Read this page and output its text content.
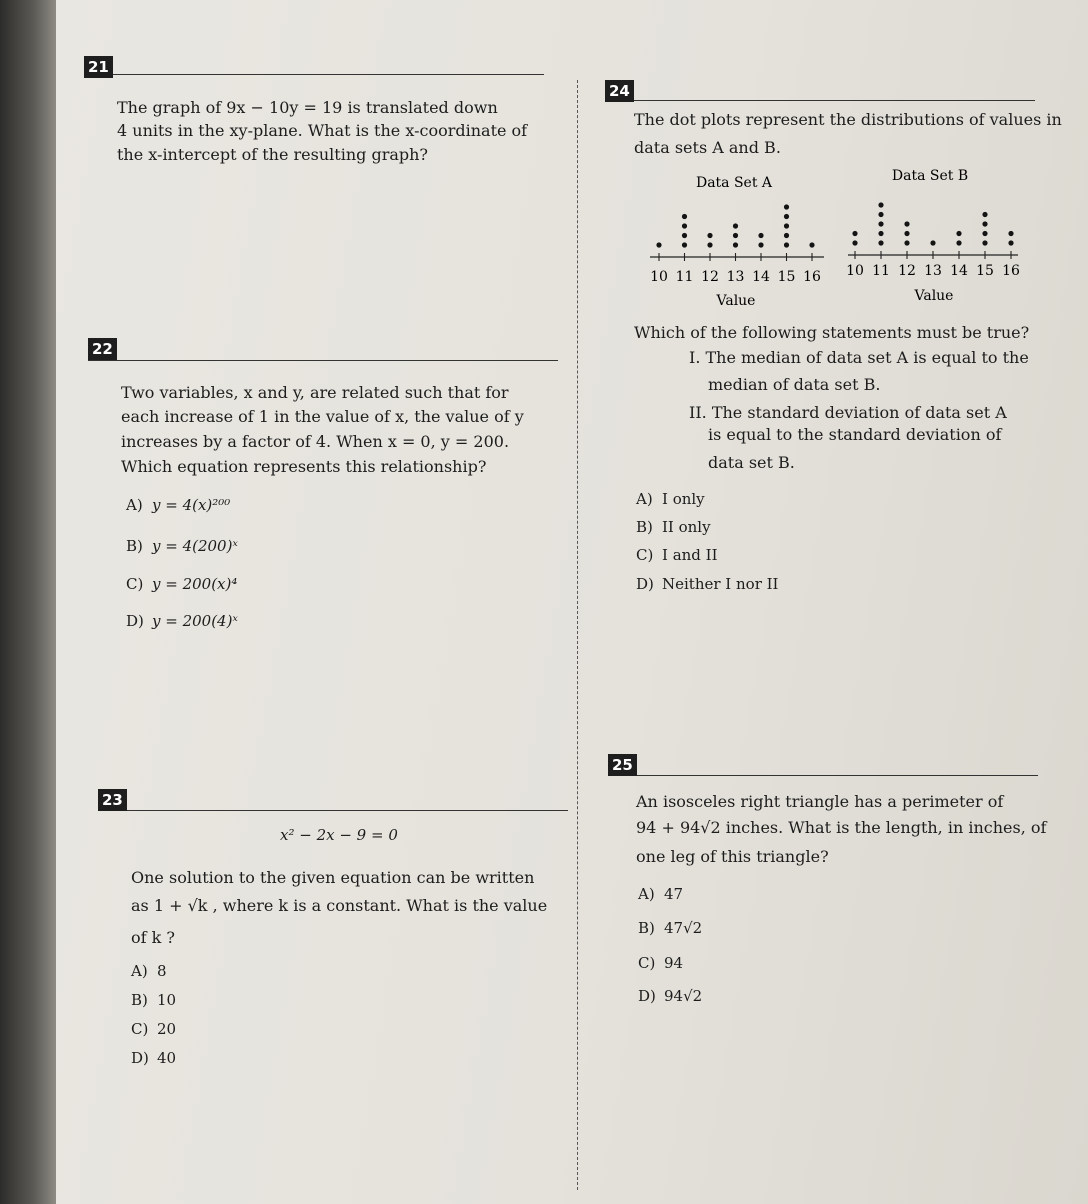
21
The graph of 9x − 10y = 19 is translated down
4 units in the xy-plane. What is the x-coordinate of
the x-intercept of the resulting graph?
22
Two variables, x and y, are related such that for
each increase of 1 in the value of x, the value of y
increases by a factor of 4. When x = 0, y = 200.
Which equation represents this relationship?
A) y = 4(x)²⁰⁰
B) y = 4(200)ˣ
C) y = 200(x)⁴
D) y = 200(4)ˣ
23
x² − 2x − 9 = 0
One solution to the given equation can be written
as 1 + √k , where k is a constant. What is the value
of k ?
A) 8
B) 10
C) 20
D) 40
24
The dot plots represent the distributions of values in
data sets A and B.
Data Set A	Data Set B
10 11 12 13 14 15 16 10 11 12 13 14 15 16
Value	Value
Which of the following statements must be true?
I. The median of data set A is equal to the
median of data set B.
II. The standard deviation of data set A
is equal to the standard deviation of
data set B.
A) I only
B) II only
C) I and II
D) Neither I nor II
25
An isosceles right triangle has a perimeter of
94 + 94√2 inches. What is the length, in inches, of
one leg of this triangle?
A) 47
B) 47√2
C) 94
D) 94√2
